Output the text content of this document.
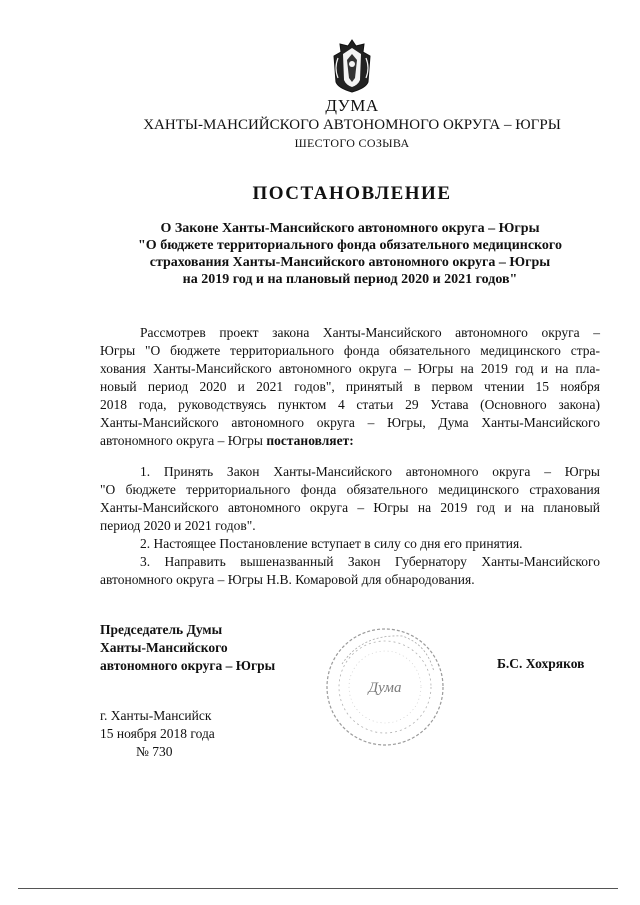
ДУМА
ХАНТЫ-МАНСИЙСКОГО АВТОНОМНОГО ОКРУГА – ЮГРЫ
ШЕСТОГО СОЗЫВА
ПОСТАНОВЛЕНИЕ
О Законе Ханты-Мансийского автономного округа – Югры
"О бюджете территориального фонда обязательного медицинского
страхования Ханты-Мансийского автономного округа – Югры
на 2019 год и на плановый период 2020 и 2021 годов"
Рассмотрев проект закона Ханты-Мансийского автономного округа –
Югры "О бюджете территориального фонда обязательного медицинского стра-
хования Ханты-Мансийского автономного округа – Югры на 2019 год и на пла-
новый период 2020 и 2021 годов", принятый в первом чтении 15 ноября
2018 года, руководствуясь пунктом 4 статьи 29 Устава (Основного закона)
Ханты-Мансийского автономного округа – Югры, Дума Ханты-Мансийского
автономного округа – Югры постановляет:
1. Принять Закон Ханты-Мансийского автономного округа – Югры
"О бюджете территориального фонда обязательного медицинского страхования
Ханты-Мансийского автономного округа – Югры на 2019 год и на плановый
период 2020 и 2021 годов".
2. Настоящее Постановление вступает в силу со дня его принятия.
3. Направить вышеназванный Закон Губернатору Ханты-Мансийского
автономного округа – Югры Н.В. Комаровой для обнародования.
Председатель Думы
Ханты-Мансийского
автономного округа – Югры
Дума
Б.С. Хохряков
г. Ханты-Мансийск
15 ноября 2018 года
№ 730
